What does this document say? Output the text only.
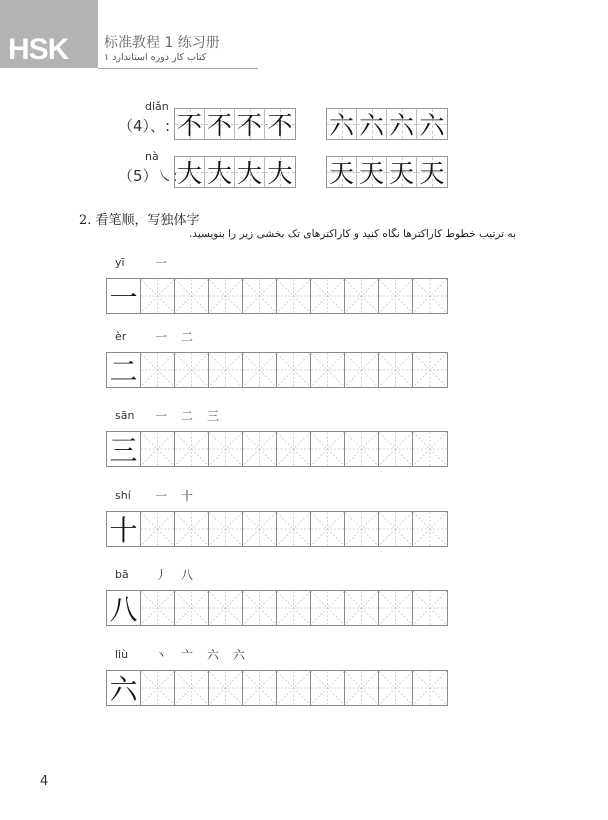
HSK	标准教程 1 练习册
کتاب کار دوره استاندارد ۱
diǎn
（4）、: 不 不 不 不 六 六 六 六
nà
（5）㇏: 大 大 大 大 天 天 天 天
2. 看笔顺，写独体字
به ترتیب خطوط کاراکترها نگاه کنید و کاراکترهای تک بخشی زیر را بنویسید.
yī	一
一
èr 一 二
二
sān 一 二 三
三
shí 一 十
十
bā 丿 八
八
liù 丶 亠 六 六
六
4
